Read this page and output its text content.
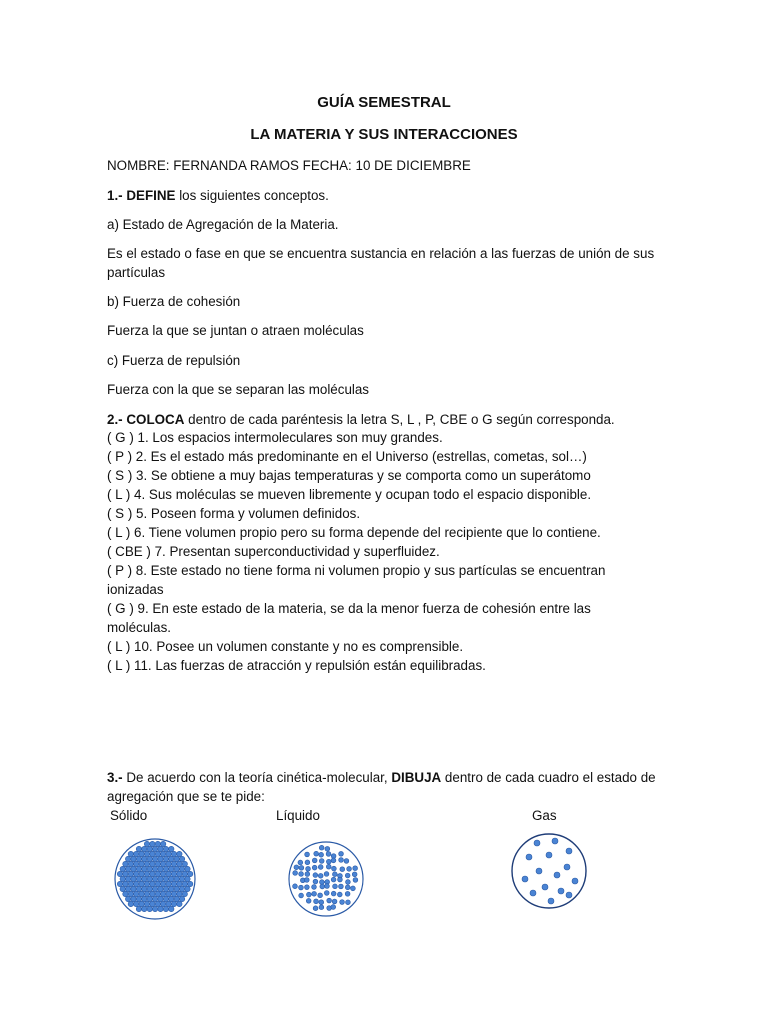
GUÍA SEMESTRAL
LA MATERIA Y SUS INTERACCIONES
NOMBRE: FERNANDA RAMOS FECHA: 10 DE DICIEMBRE
1.- DEFINE los siguientes conceptos.
a) Estado de Agregación de la Materia.
Es el estado o fase en que se encuentra sustancia en relación a las fuerzas de unión de sus
partículas
b) Fuerza de cohesión
Fuerza la que se juntan o atraen moléculas
c) Fuerza de repulsión
Fuerza con la que se separan las moléculas
2.- COLOCA dentro de cada paréntesis la letra S, L , P, CBE o G según corresponda.
( G ) 1. Los espacios intermoleculares son muy grandes.
( P ) 2. Es el estado más predominante en el Universo (estrellas, cometas, sol…)
( S ) 3. Se obtiene a muy bajas temperaturas y se comporta como un superátomo
( L ) 4. Sus moléculas se mueven libremente y ocupan todo el espacio disponible.
( S ) 5. Poseen forma y volumen definidos.
( L ) 6. Tiene volumen propio pero su forma depende del recipiente que lo contiene.
( CBE ) 7. Presentan superconductividad y superfluidez.
( P ) 8. Este estado no tiene forma ni volumen propio y sus partículas se encuentran
ionizadas
( G ) 9. En este estado de la materia, se da la menor fuerza de cohesión entre las
moléculas.
( L ) 10. Posee un volumen constante y no es comprensible.
( L ) 11. Las fuerzas de atracción y repulsión están equilibradas.
3.- De acuerdo con la teoría cinética-molecular, DIBUJA dentro de cada cuadro el estado de
agregación que se te pide:
Sólido	Líquido	Gas
